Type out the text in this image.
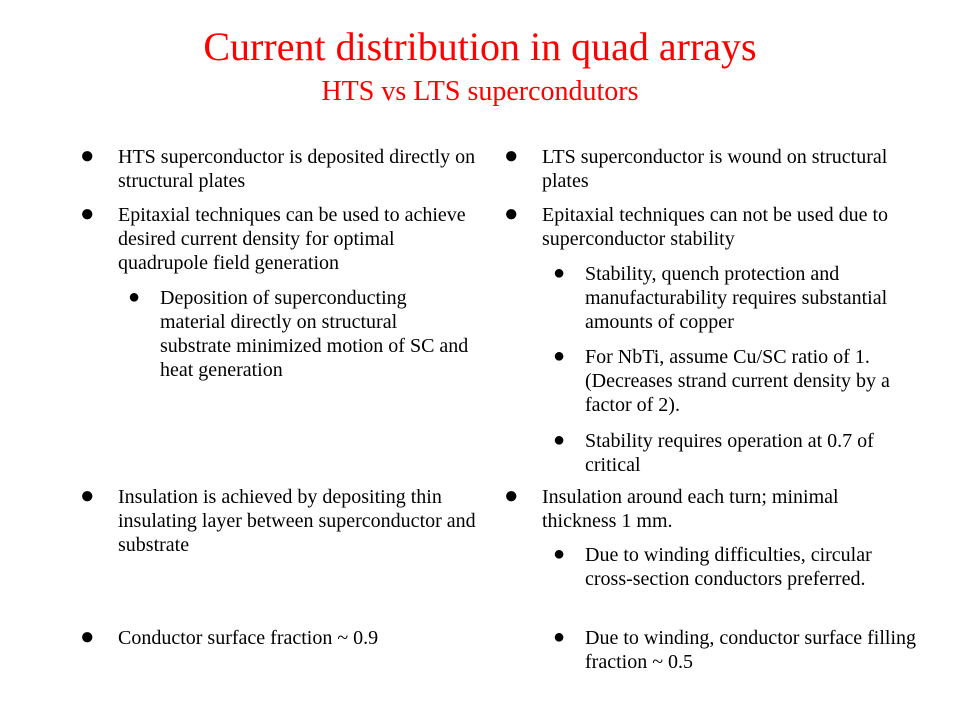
Current distribution in quad arrays
HTS vs LTS supercondutors
● HTS superconductor is deposited directly on structural plates
● Epitaxial techniques can be used to achieve desired current density for optimal quadrupole field generation
● Deposition of superconducting material directly on structural substrate minimized motion of SC and heat generation
● Insulation is achieved by depositing thin insulating layer between superconductor and substrate
● Conductor surface fraction ~ 0.9
● LTS superconductor is wound on structural plates
● Epitaxial techniques can not be used due to superconductor stability
● Stability, quench protection and manufacturability requires substantial amounts of copper
● For NbTi, assume Cu/SC ratio of 1. (Decreases strand current density by a factor of 2).
● Stability requires operation at 0.7 of critical
● Insulation around each turn; minimal thickness 1 mm.
● Due to winding difficulties, circular cross-section conductors preferred.
● Due to winding, conductor surface filling fraction ~ 0.5
